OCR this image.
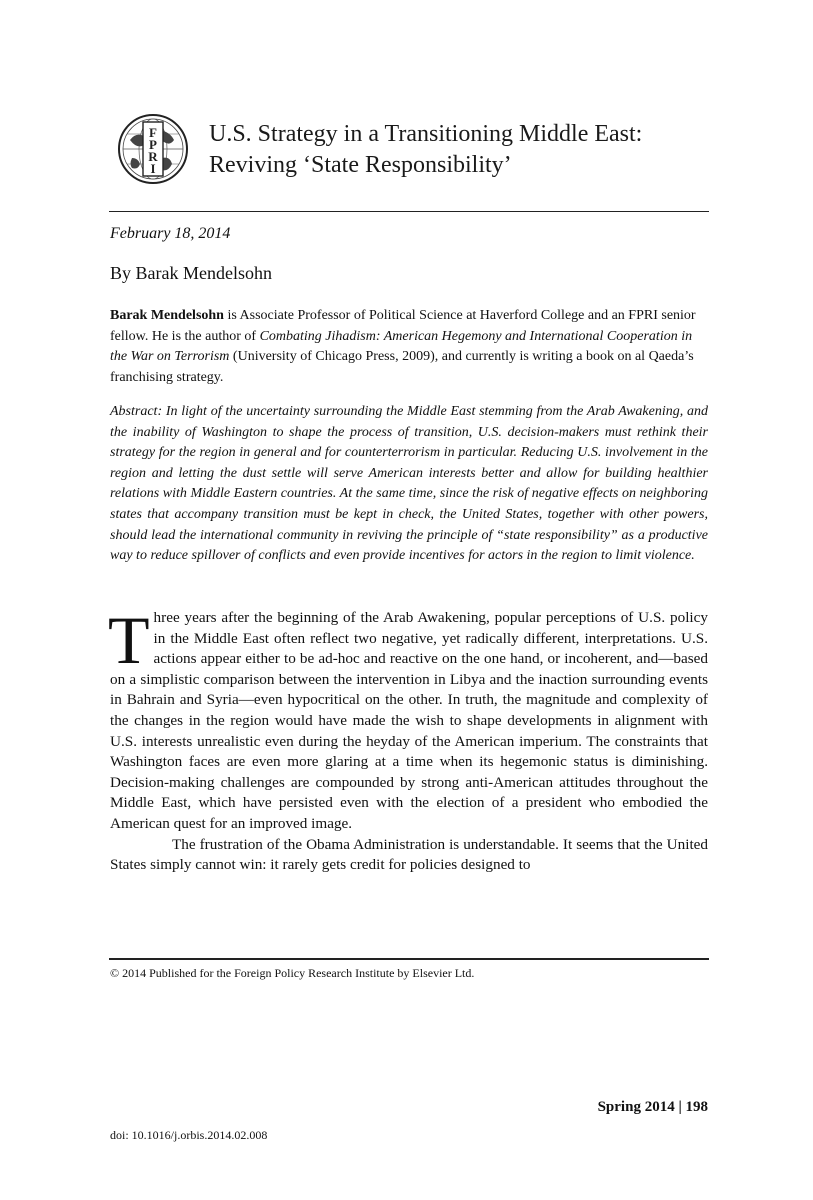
F
P
R
I
U.S. Strategy in a Transitioning Middle East:
Reviving ‘State Responsibility’
February 18, 2014
By Barak Mendelsohn
Barak Mendelsohn is Associate Professor of Political Science at Haverford College and an FPRI senior fellow. He is the author of Combating Jihadism: American Hegemony and International Cooperation in the War on Terrorism (University of Chicago Press, 2009), and currently is writing a book on al Qaeda’s franchising strategy.
Abstract: In light of the uncertainty surrounding the Middle East stemming from the Arab Awakening, and the inability of Washington to shape the process of transition, U.S. decision-makers must rethink their strategy for the region in general and for counterterrorism in particular. Reducing U.S. involvement in the region and letting the dust settle will serve American interests better and allow for building healthier relations with Middle Eastern countries. At the same time, since the risk of negative effects on neighboring states that accompany transition must be kept in check, the United States, together with other powers, should lead the international community in reviving the principle of “state responsibility” as a productive way to reduce spillover of conflicts and even provide incentives for actors in the region to limit violence.

Three years after the beginning of the Arab Awakening, popular perceptions of U.S. policy in the Middle East often reflect two negative, yet radically different, interpretations. U.S. actions appear either to be ad-hoc and reactive on the one hand, or incoherent, and—based on a simplistic comparison between the intervention in Libya and the inaction surrounding events in Bahrain and Syria—even hypocritical on the other. In truth, the magnitude and complexity of the changes in the region would have made the wish to shape developments in alignment with U.S. interests unrealistic even during the heyday of the American imperium. The constraints that Washington faces are even more glaring at a time when its hegemonic status is diminishing. Decision-making challenges are compounded by strong anti-American attitudes throughout the Middle East, which have persisted even with the election of a president who embodied the American quest for an improved image.

The frustration of the Obama Administration is understandable. It seems that the United States simply cannot win: it rarely gets credit for policies designed to

© 2014 Published for the Foreign Policy Research Institute by Elsevier Ltd.
Spring 2014 | 198
doi: 10.1016/j.orbis.2014.02.008
